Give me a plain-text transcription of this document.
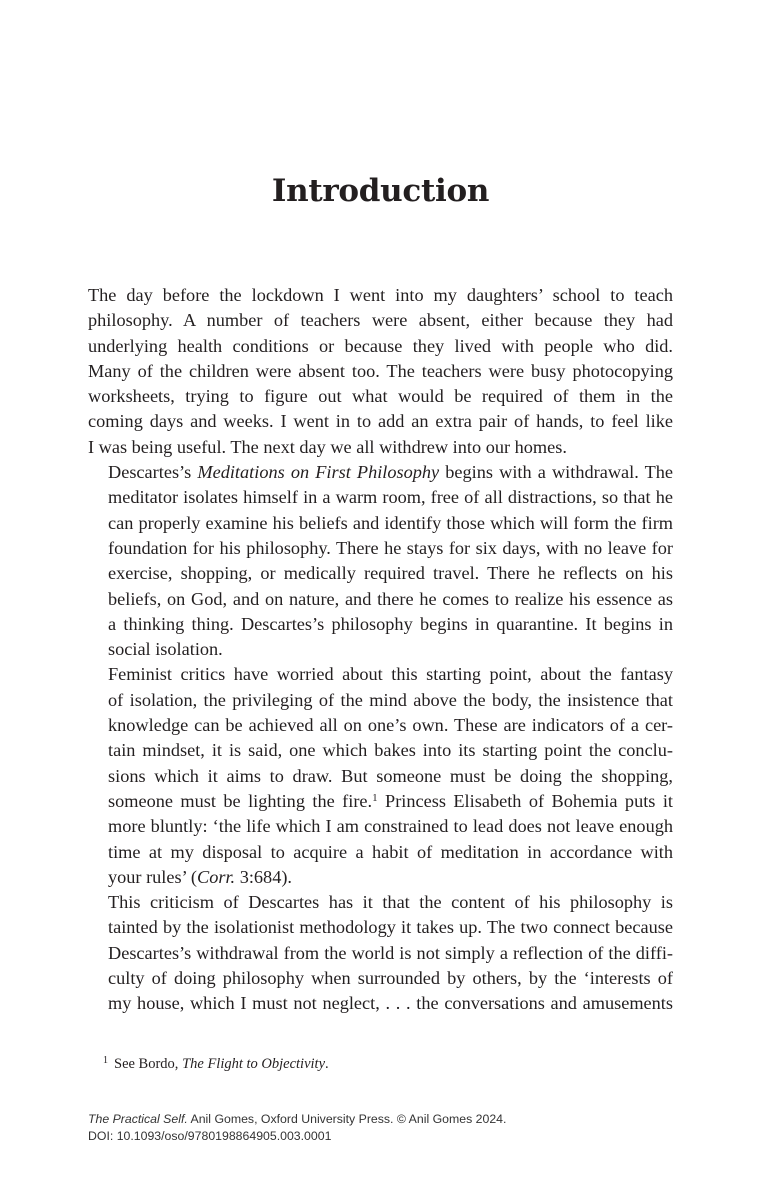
Introduction

The day before the lockdown I went into my daughters’ school to teach
philosophy. A number of teachers were absent, either because they had
underlying health conditions or because they lived with people who did.
Many of the children were absent too. The teachers were busy photocopying
worksheets, trying to figure out what would be required of them in the
coming days and weeks. I went in to add an extra pair of hands, to feel like
I was being useful. The next day we all withdrew into our homes.

Descartes’s Meditations on First Philosophy begins with a withdrawal. The
meditator isolates himself in a warm room, free of all distractions, so that he
can properly examine his beliefs and identify those which will form the firm
foundation for his philosophy. There he stays for six days, with no leave for
exercise, shopping, or medically required travel. There he reflects on his
beliefs, on God, and on nature, and there he comes to realize his essence as
a thinking thing. Descartes’s philosophy begins in quarantine. It begins in
social isolation.

Feminist critics have worried about this starting point, about the fantasy
of isolation, the privileging of the mind above the body, the insistence that
knowledge can be achieved all on one’s own. These are indicators of a cer-
tain mindset, it is said, one which bakes into its starting point the conclu-
sions which it aims to draw. But someone must be doing the shopping,
someone must be lighting the fire.$^1$ Princess Elisabeth of Bohemia puts it
more bluntly: ‘the life which I am constrained to lead does not leave enough
time at my disposal to acquire a habit of meditation in accordance with
your rules’ (Corr. 3:684).

This criticism of Descartes has it that the content of his philosophy is
tainted by the isolationist methodology it takes up. The two connect because
Descartes’s withdrawal from the world is not simply a reflection of the diffi-
culty of doing philosophy when surrounded by others, by the ‘interests of
my house, which I must not neglect, . . . the conversations and amusements

$^1$ See Bordo, The Flight to Objectivity.
The Practical Self. Anil Gomes, Oxford University Press. © Anil Gomes 2024.
DOI: 10.1093/oso/9780198864905.003.0001
